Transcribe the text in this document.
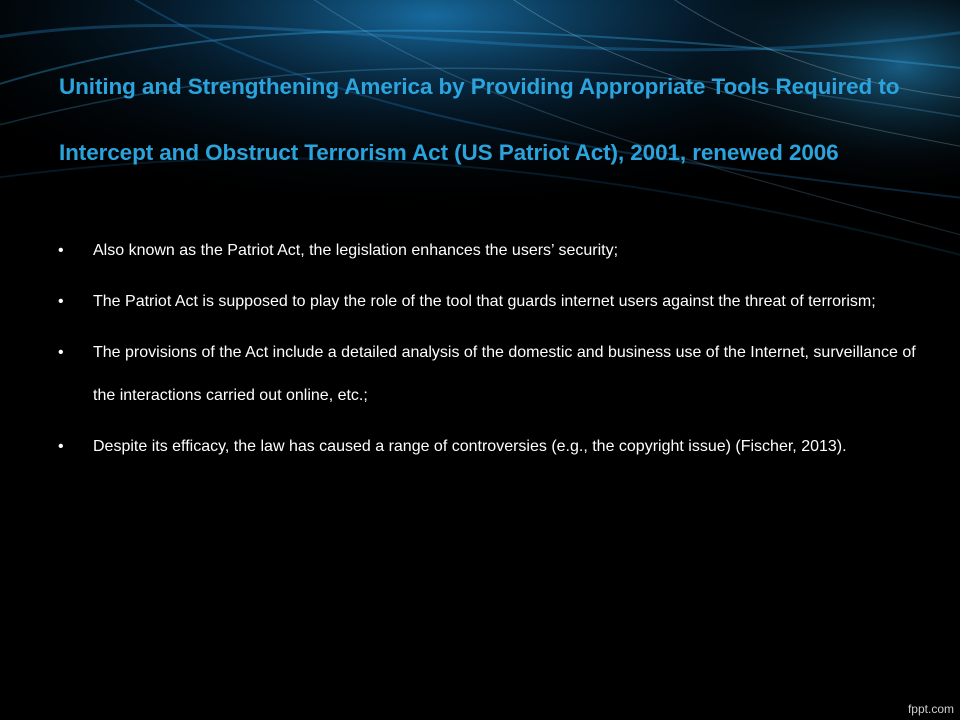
Uniting and Strengthening America by Providing Appropriate Tools Required to Intercept and Obstruct Terrorism Act (US Patriot Act), 2001, renewed 2006
• Also known as the Patriot Act, the legislation enhances the users’ security;
• The Patriot Act is supposed to play the role of the tool that guards internet users against the threat of terrorism;
• The provisions of the Act include a detailed analysis of the domestic and business use of the Internet, surveillance of the interactions carried out online, etc.;
• Despite its efficacy, the law has caused a range of controversies (e.g., the copyright issue) (Fischer, 2013).
fppt.com
